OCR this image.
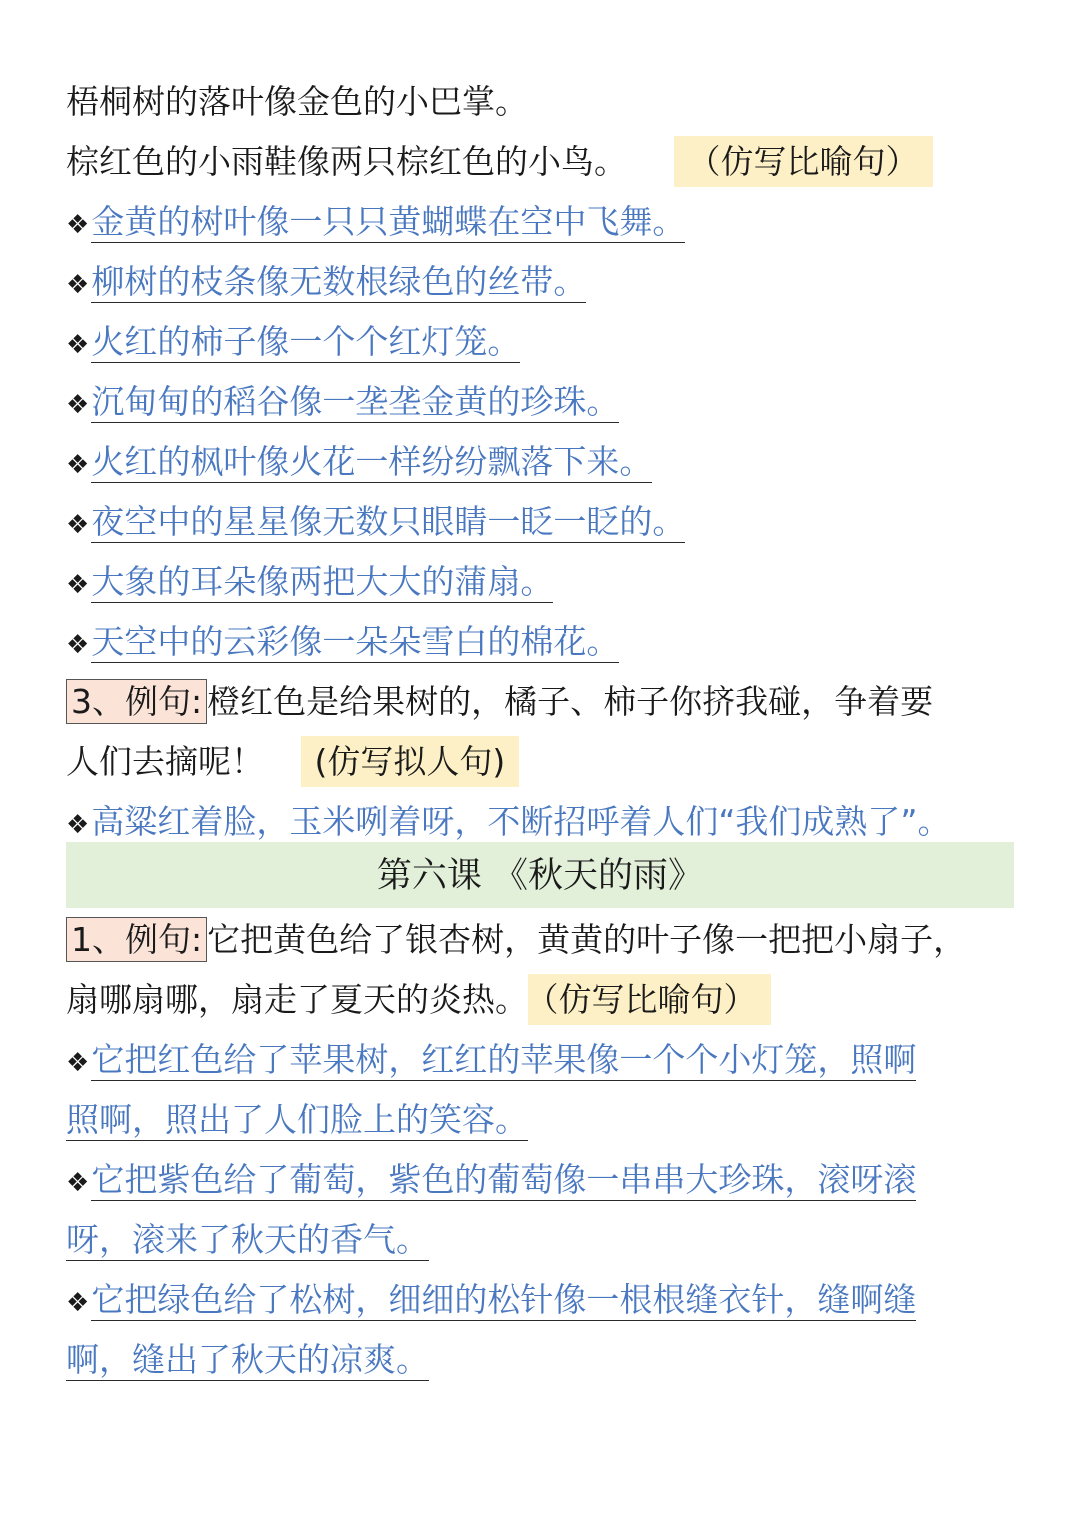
梧桐树的落叶像金色的小巴掌。
棕红色的小雨鞋像两只棕红色的小鸟。 （仿写比喻句）
❖金黄的树叶像一只只黄蝴蝶在空中飞舞。
❖柳树的枝条像无数根绿色的丝带。
❖火红的柿子像一个个红灯笼。
❖沉甸甸的稻谷像一垄垄金黄的珍珠。
❖火红的枫叶像火花一样纷纷飘落下来。
❖夜空中的星星像无数只眼睛一眨一眨的。
❖大象的耳朵像两把大大的蒲扇。
❖天空中的云彩像一朵朵雪白的棉花。
3、例句: 橙红色是给果树的，橘子、柿子你挤我碰，争着要
人们去摘呢！ (仿写拟人句)
❖高粱红着脸，玉米咧着呀，不断招呼着人们“我们成熟了”。
第六课 《秋天的雨》
1、例句: 它把黄色给了银杏树，黄黄的叶子像一把把小扇子，
扇哪扇哪，扇走了夏天的炎热。 （仿写比喻句）
❖它把红色给了苹果树，红红的苹果像一个个小灯笼，照啊
照啊，照出了人们脸上的笑容。
❖它把紫色给了葡萄，紫色的葡萄像一串串大珍珠，滚呀滚
呀，滚来了秋天的香气。
❖它把绿色给了松树，细细的松针像一根根缝衣针，缝啊缝
啊，缝出了秋天的凉爽。
